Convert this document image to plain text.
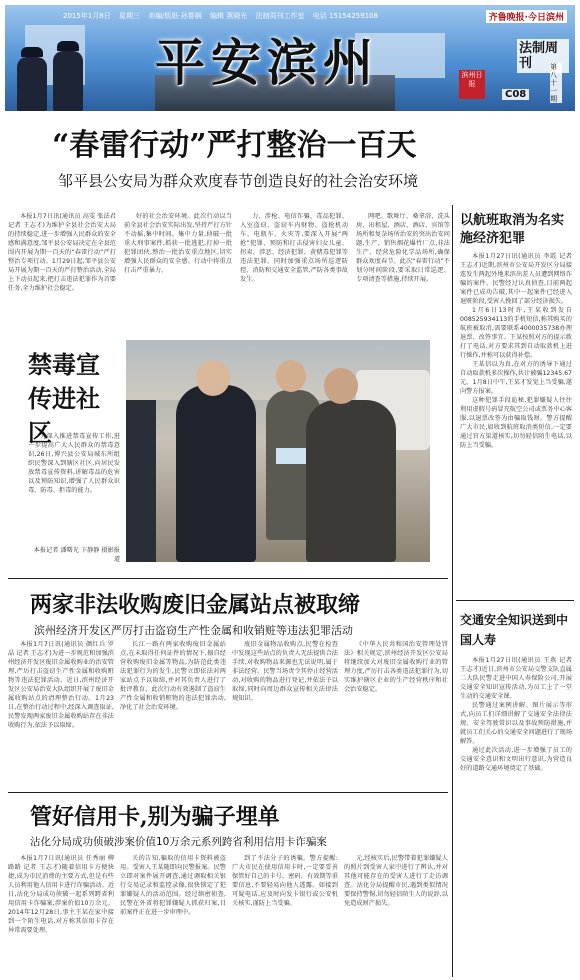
2015年1月8日 星期三 美编/版纸·孙婴娴 编辑 燕晓光 法制周刊工作室 电话 15154259108	齐鲁晚报·今日滨州
平安滨州	滨州日报
法制周刊	第八十一期
C08
“春雷行动”严打整治一百天
邹平县公安局为群众欢度春节创造良好的社会治安环境

本报1月7日讯(通讯员 高雯 张法君 记者 王志才)为维护全县社会治安大局的持续稳定,进一步增强人民群众的安全感和满意度,邹平县公安局决定在全县范围内开展为期一百天的“春雷行动”严打整治专项行动。1月29日起,邹平县公安局开展为期一百天的严打整治活动,全局上下动员起来,把打击违法犯罪作为首要任务,全力维护社会稳定。

好的社会治安环境。此次行动以当前全县社会治安实际出发,坚持严打方针不动摇,集中时间、集中力量,侦破一批重大刑事案件,抓获一批逃犯,打掉一批犯罪团伙,整治一批治安重点地区,切实增强人民群众的安全感。行动中将重点打击严重暴力、

力、涉枪、电信诈骗、毒品犯罪、入室盗窃、盗窃车内财物、盗抢机动车、电瓶车、火灾等,要深入开展“两抢”犯罪、预防和打击侵害妇女儿童、拐卖、涉恶、经济犯罪、黄赌毒犯罪等违法犯罪。同时加强重点场所巡逻防控、消防和交通安全监管,严防各类事故发生。

网吧、歌舞厅、桑拿浴、洗头房、出租屋、酒店、酒店、宾馆等场所和复杂场所治安的突出治安问题,生产、销售烟花爆竹厂点,非法生产、经营危险化学品场所,确保群众欢度春节。此次“春雷行动”不划分时间阶段,要采取日常巡逻、专项清查等措施,持续开展。

禁毒宣传进社区

为深入推进禁毒宣传工作,进一步提高广大人民群众的禁毒意识,26日,博兴县公安局城东所组织民警深入到辖区社区,向居民发放禁毒宣传资料,讲解毒品的危害以及预防知识,增强了人民群众识毒、防毒、拒毒的能力。

本报记者 潘曙光 卞静静 摄影报道

两家非法收购废旧金属站点被取缔
滨州经济开发区严厉打击盗窃生产性金属和收销赃等违法犯罪活动

本报1月7日讯(通讯员 颜红兵 罗晶 记者 王志才)为进一步规范和加强滨州经济开发区废旧金属收购业的治安管理,严厉打击盗窃生产性金属和收购赃物等违法犯罪活动。近日,滨州经济开发区公安局治安大队组织开展了废旧金属收购站点的清理整治行动。1月23日,在整治行动过程中,经深入调查取证,民警发现两家废旧金属收购站存在非法收购行为,依法予以取缔。

长江一路有两家收购废旧金属站点,在未取得任何证件的情况下,擅自经营收购废旧金属等物品,为防范此类违法犯罪行为的发生,民警立即依法对两家站点予以取缔,并对其负责人进行了批评教育。此次行动有效遏制了盗窃生产性金属和收销赃物的违法犯罪活动,净化了社会治安环境。

废旧金属物品收购点,民警在检查中发现这些站点的负责人无法提供合法手续,对收购物品来源也无法说明,属于非法经营。民警当场责令其停止经营活动,对收购的物品进行登记,并依法予以取缔,同时向周边群众宣传相关法律法规知识。

《中华人民共和国治安管理处罚法》相关规定,滨州经济开发区公安局将继续加大对废旧金属收购行业的管理力度,严厉打击各类违法犯罪行为,切实维护辖区企业的生产经营秩序和社会治安稳定。

管好信用卡,别为骗子埋单
沾化分局成功侦破涉案价值10万余元系列跨省利用信用卡诈骗案

本报1月7日讯(通讯员 任秀丽 柳路路 记者 王志才)随着信用卡方便快捷,成为市民消费的主要方式,但是有些人员利用他人信用卡进行诈骗活动。近日,沾化分局成功侦破一起系列跨省利用信用卡诈骗案,涉案价值10万余元。2014年12月28日,事主王某在家中接到一个陌生电话,对方称其信用卡存在异常需要处理。

关的告知,骗取的信用卡资料被盗用。受害人王某随即向民警报案。民警立即对案件展开调查,通过调取相关银行交易记录和监控录像,很快锁定了犯罪嫌疑人的活动范围。经过缜密侦查,民警在外省将犯罪嫌疑人抓获归案,目前案件正在进一步审理中。

到了不法分子的诱骗。警方提醒:广大市民在使用信用卡时,一定要妥善保管好自己的卡号、密码、有效期等重要信息,不要轻易向他人透露。如接到可疑电话,应及时向发卡银行或公安机关核实,谨防上当受骗。

元,经核实后,民警带着犯罪嫌疑人的照片到受害人家中进行了辨认,并对其他可能存在的受害人进行了走访调查。沾化分局提醒市民,遇到类似情况要保持警惕,切勿轻信陌生人的说辞,以免造成财产损失。

以航班取消为名实施经济犯罪

本报1月27日讯(通讯员 李霞 记者 王志才)近期,滨州市公安局开发区分局接连发生两起外地来滨出差人员遭到网络诈骗的案件。民警经过认真侦查,目前两起案件已成功告破,其中一起案件已经进入退赃阶段,受害人挽回了部分经济损失。

1月6日13时许,王某收到发自008525934113的手机短信,称其购买的航班被取消,需要联系4000035738办理退票、改签事宜。王某按照对方的提示拨打了电话,对方要求其到自动取款机上进行操作,并称可以获得补偿。

王某信以为真,在对方的诱导下通过自动取款机多次操作,共计被骗12345.67元。1月8日中午,王某才发觉上当受骗,遂向警方报案。

这种犯罪手段诡秘,犯罪嫌疑人往往利用虚假号码冒充航空公司或票务中心客服,以退票改签为由骗取钱财。警方提醒广大市民,如收到航班取消类短信,一定要通过官方渠道核实,切勿轻信陌生电话,以防上当受骗。

交通安全知识送到中国人寿

本报1月27日讯(通讯员 王燕 记者 王志才)近日,滨州市公安局交警支队直属二大队民警走进中国人寿保险公司,开展交通安全知识宣传活动,为员工上了一堂生动的交通安全课。

民警通过案例讲解、图片展示等形式,向员工们详细讲解了交通安全法律法规、安全驾驶常识以及事故预防措施,并就员工们关心的交通安全问题进行了现场解答。

通过此次活动,进一步增强了员工的交通安全意识和文明出行意识,为营造良好的道路交通环境奠定了基础。
